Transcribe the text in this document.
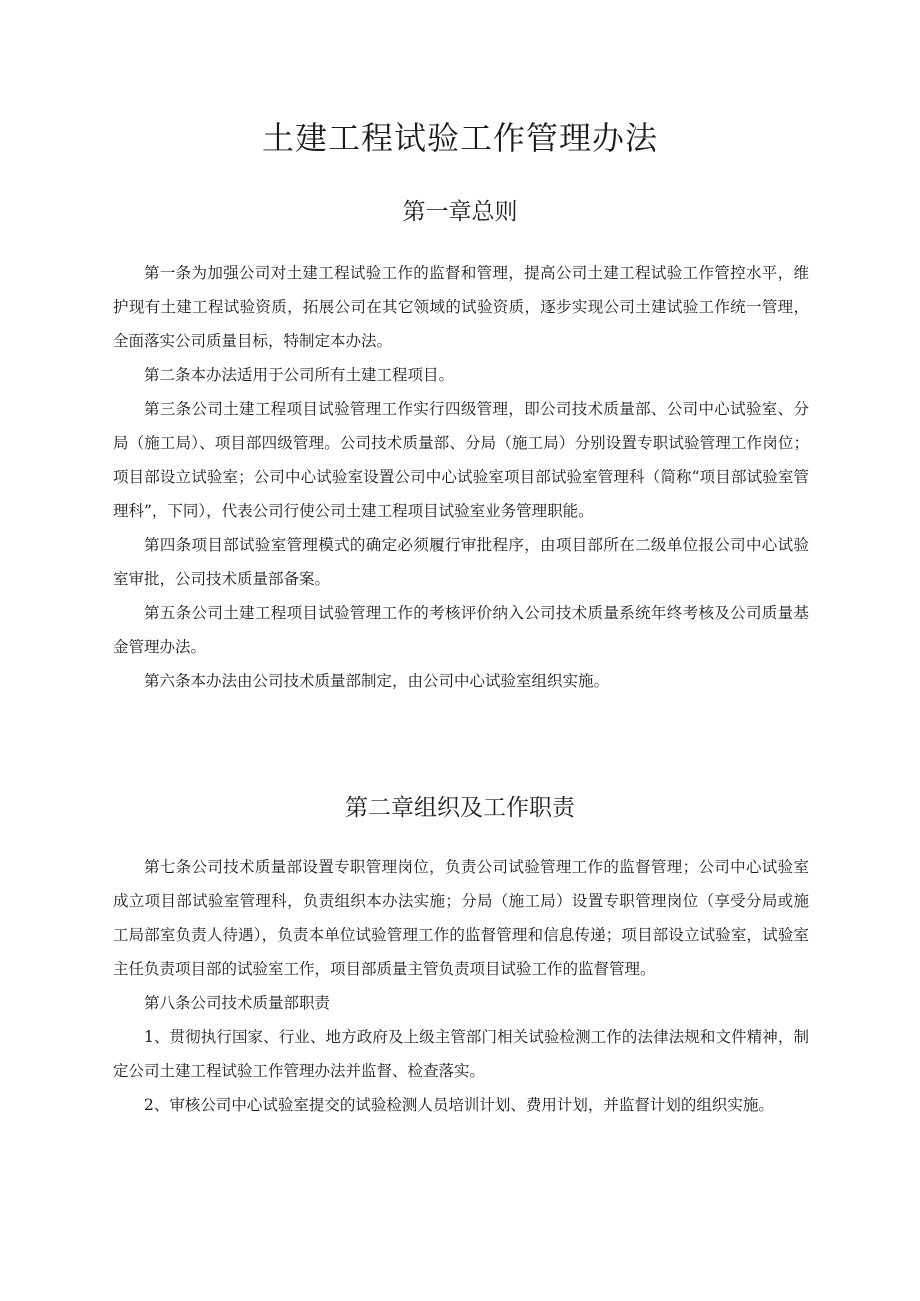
土建工程试验工作管理办法
第一章总则

第一条为加强公司对土建工程试验工作的监督和管理，提高公司土建工程试验工作管控水平，维护现有土建工程试验资质，拓展公司在其它领域的试验资质，逐步实现公司土建试验工作统一管理，全面落实公司质量目标，特制定本办法。

第二条本办法适用于公司所有土建工程项目。

第三条公司土建工程项目试验管理工作实行四级管理，即公司技术质量部、公司中心试验室、分局（施工局）、项目部四级管理。公司技术质量部、分局（施工局）分别设置专职试验管理工作岗位；项目部设立试验室；公司中心试验室设置公司中心试验室项目部试验室管理科（简称“项目部试验室管理科”，下同），代表公司行使公司土建工程项目试验室业务管理职能。

第四条项目部试验室管理模式的确定必须履行审批程序，由项目部所在二级单位报公司中心试验室审批，公司技术质量部备案。

第五条公司土建工程项目试验管理工作的考核评价纳入公司技术质量系统年终考核及公司质量基金管理办法。

第六条本办法由公司技术质量部制定，由公司中心试验室组织实施。

第二章组织及工作职责

第七条公司技术质量部设置专职管理岗位，负责公司试验管理工作的监督管理；公司中心试验室成立项目部试验室管理科，负责组织本办法实施；分局（施工局）设置专职管理岗位（享受分局或施工局部室负责人待遇），负责本单位试验管理工作的监督管理和信息传递；项目部设立试验室，试验室主任负责项目部的试验室工作，项目部质量主管负责项目试验工作的监督管理。

第八条公司技术质量部职责

1、贯彻执行国家、行业、地方政府及上级主管部门相关试验检测工作的法律法规和文件精神，制定公司土建工程试验工作管理办法并监督、检查落实。

2、审核公司中心试验室提交的试验检测人员培训计划、费用计划，并监督计划的组织实施。
